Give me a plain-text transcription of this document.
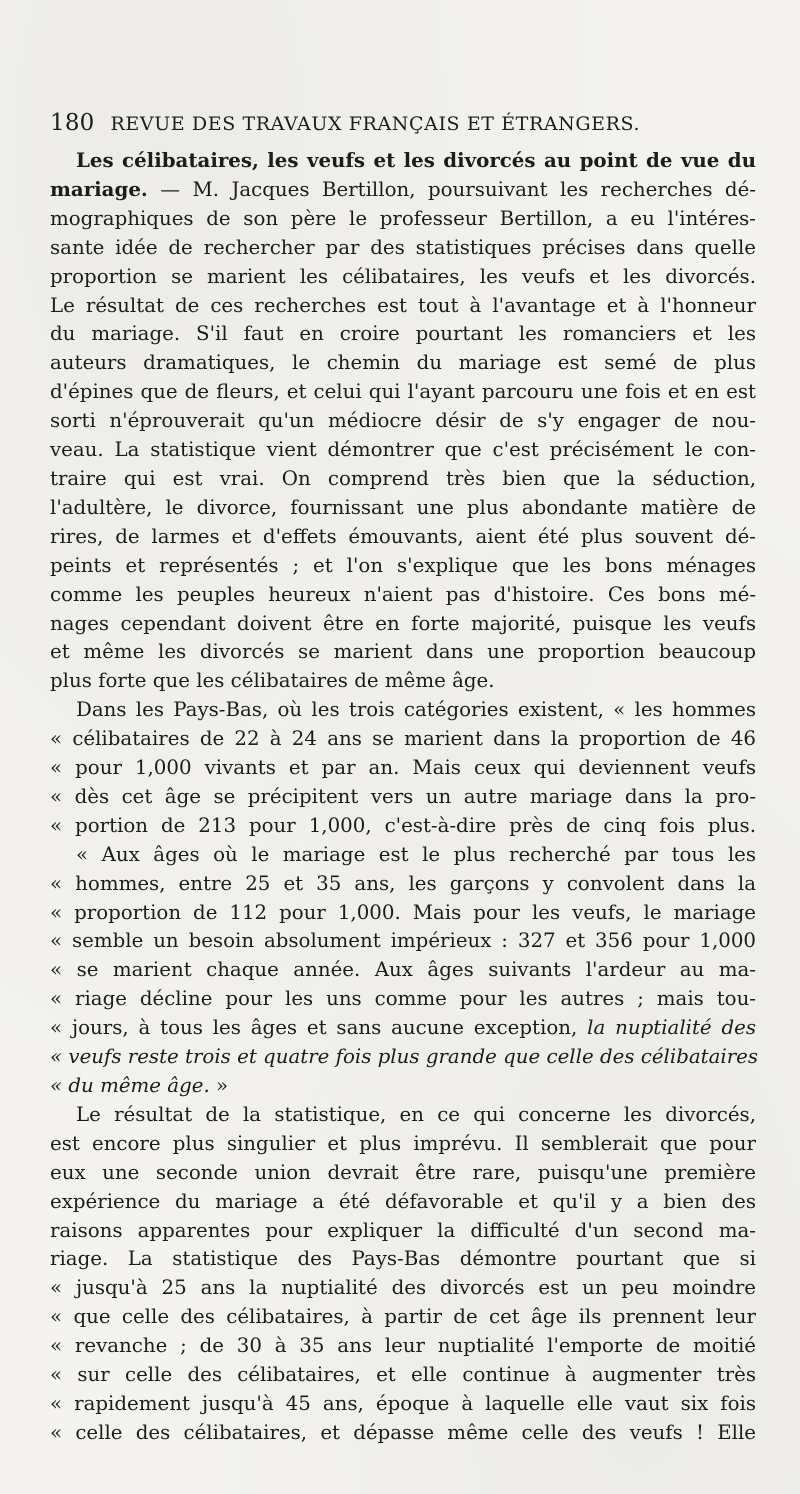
180 REVUE DES TRAVAUX FRANÇAIS ET ÉTRANGERS.
Les célibataires, les veufs et les divorcés au point de vue du
mariage. — M. Jacques Bertillon, poursuivant les recherches dé-
mographiques de son père le professeur Bertillon, a eu l'intéres-
sante idée de rechercher par des statistiques précises dans quelle
proportion se marient les célibataires, les veufs et les divorcés.
Le résultat de ces recherches est tout à l'avantage et à l'honneur
du mariage. S'il faut en croire pourtant les romanciers et les
auteurs dramatiques, le chemin du mariage est semé de plus
d'épines que de fleurs, et celui qui l'ayant parcouru une fois et en est
sorti n'éprouverait qu'un médiocre désir de s'y engager de nou-
veau. La statistique vient démontrer que c'est précisément le con-
traire qui est vrai. On comprend très bien que la séduction,
l'adultère, le divorce, fournissant une plus abondante matière de
rires, de larmes et d'effets émouvants, aient été plus souvent dé-
peints et représentés ; et l'on s'explique que les bons ménages
comme les peuples heureux n'aient pas d'histoire. Ces bons mé-
nages cependant doivent être en forte majorité, puisque les veufs
et même les divorcés se marient dans une proportion beaucoup
plus forte que les célibataires de même âge.
Dans les Pays-Bas, où les trois catégories existent, « les hommes
« célibataires de 22 à 24 ans se marient dans la proportion de 46
« pour 1,000 vivants et par an. Mais ceux qui deviennent veufs
« dès cet âge se précipitent vers un autre mariage dans la pro-
« portion de 213 pour 1,000, c'est-à-dire près de cinq fois plus.
« Aux âges où le mariage est le plus recherché par tous les
« hommes, entre 25 et 35 ans, les garçons y convolent dans la
« proportion de 112 pour 1,000. Mais pour les veufs, le mariage
« semble un besoin absolument impérieux : 327 et 356 pour 1,000
« se marient chaque année. Aux âges suivants l'ardeur au ma-
« riage décline pour les uns comme pour les autres ; mais tou-
« jours, à tous les âges et sans aucune exception, la nuptialité des
« veufs reste trois et quatre fois plus grande que celle des célibataires
« du même âge. »
Le résultat de la statistique, en ce qui concerne les divorcés,
est encore plus singulier et plus imprévu. Il semblerait que pour
eux une seconde union devrait être rare, puisqu'une première
expérience du mariage a été défavorable et qu'il y a bien des
raisons apparentes pour expliquer la difficulté d'un second ma-
riage. La statistique des Pays-Bas démontre pourtant que si
« jusqu'à 25 ans la nuptialité des divorcés est un peu moindre
« que celle des célibataires, à partir de cet âge ils prennent leur
« revanche ; de 30 à 35 ans leur nuptialité l'emporte de moitié
« sur celle des célibataires, et elle continue à augmenter très
« rapidement jusqu'à 45 ans, époque à laquelle elle vaut six fois
« celle des célibataires, et dépasse même celle des veufs ! Elle
